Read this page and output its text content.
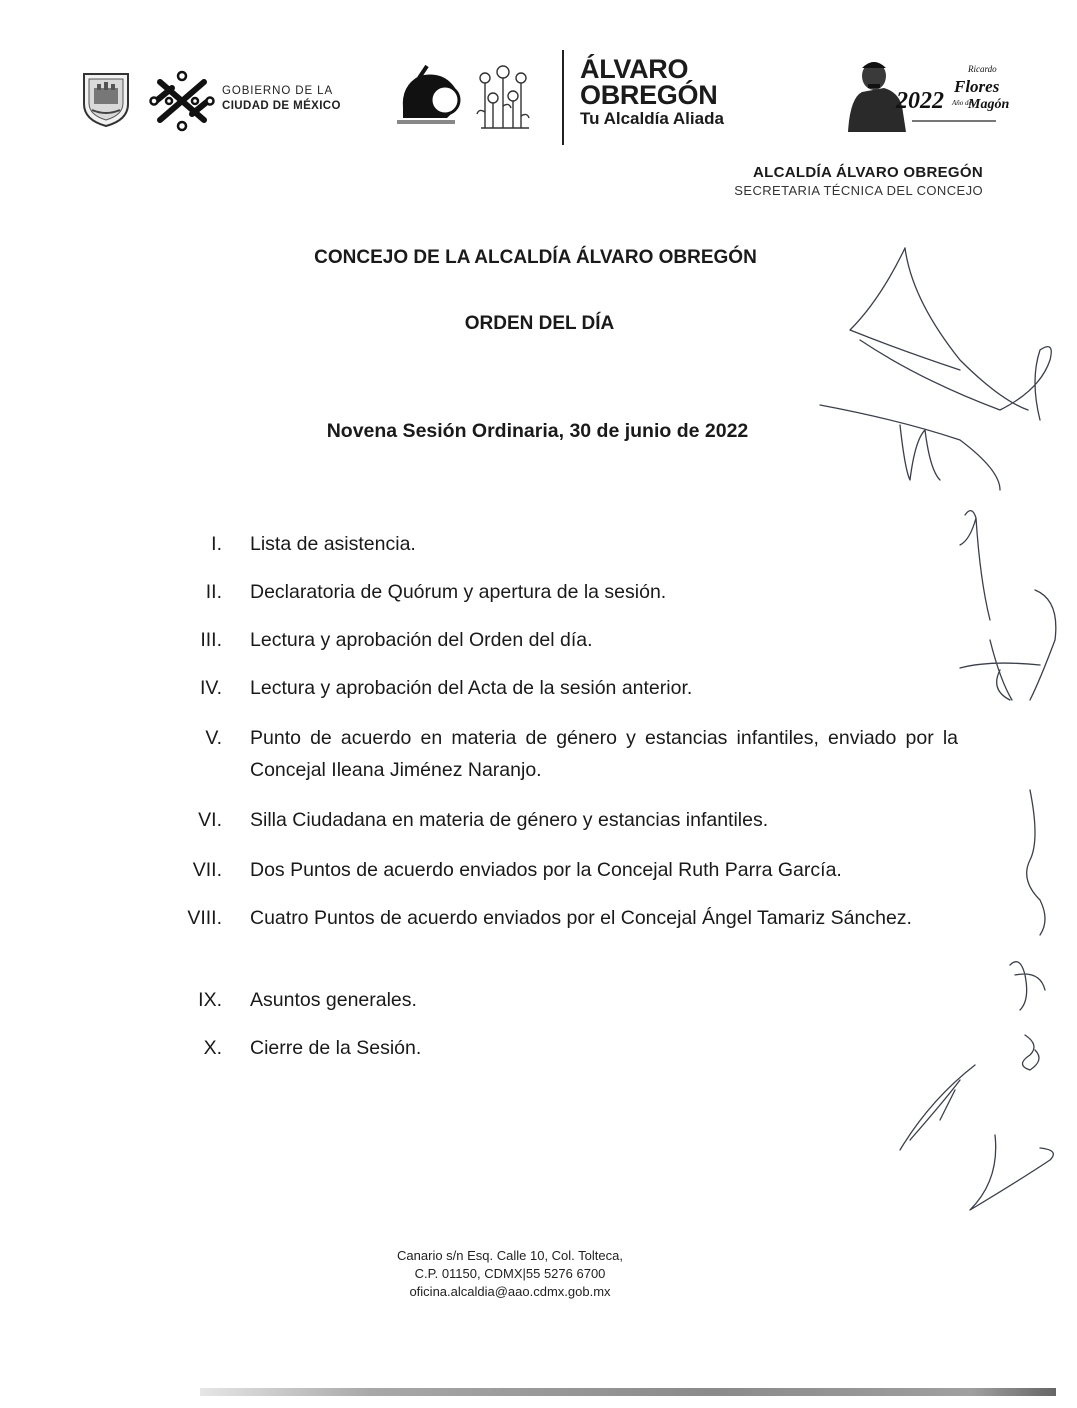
GOBIERNO DE LA
CIUDAD DE MÉXICO
ÁLVARO
OBREGÓN
Tu Alcaldía Aliada
2022
Ricardo
Flores
Año de
Magón
ALCALDÍA ÁLVARO OBREGÓN
SECRETARIA TÉCNICA DEL CONCEJO
CONCEJO DE LA ALCALDÍA ÁLVARO OBREGÓN
ORDEN DEL DÍA
Novena Sesión Ordinaria, 30 de junio de 2022
I. Lista de asistencia.
II. Declaratoria de Quórum y apertura de la sesión.
III. Lectura y aprobación del Orden del día.
IV. Lectura y aprobación del Acta de la sesión anterior.
V. Punto de acuerdo en materia de género y estancias infantiles, enviado por la Concejal Ileana Jiménez Naranjo.
VI. Silla Ciudadana en materia de género y estancias infantiles.
VII. Dos Puntos de acuerdo enviados por la Concejal Ruth Parra García.
VIII. Cuatro Puntos de acuerdo enviados por el Concejal Ángel Tamariz Sánchez.
IX. Asuntos generales.
X. Cierre de la Sesión.
Canario s/n Esq. Calle 10, Col. Tolteca,
C.P. 01150, CDMX|55 5276 6700
oficina.alcaldia@aao.cdmx.gob.mx
